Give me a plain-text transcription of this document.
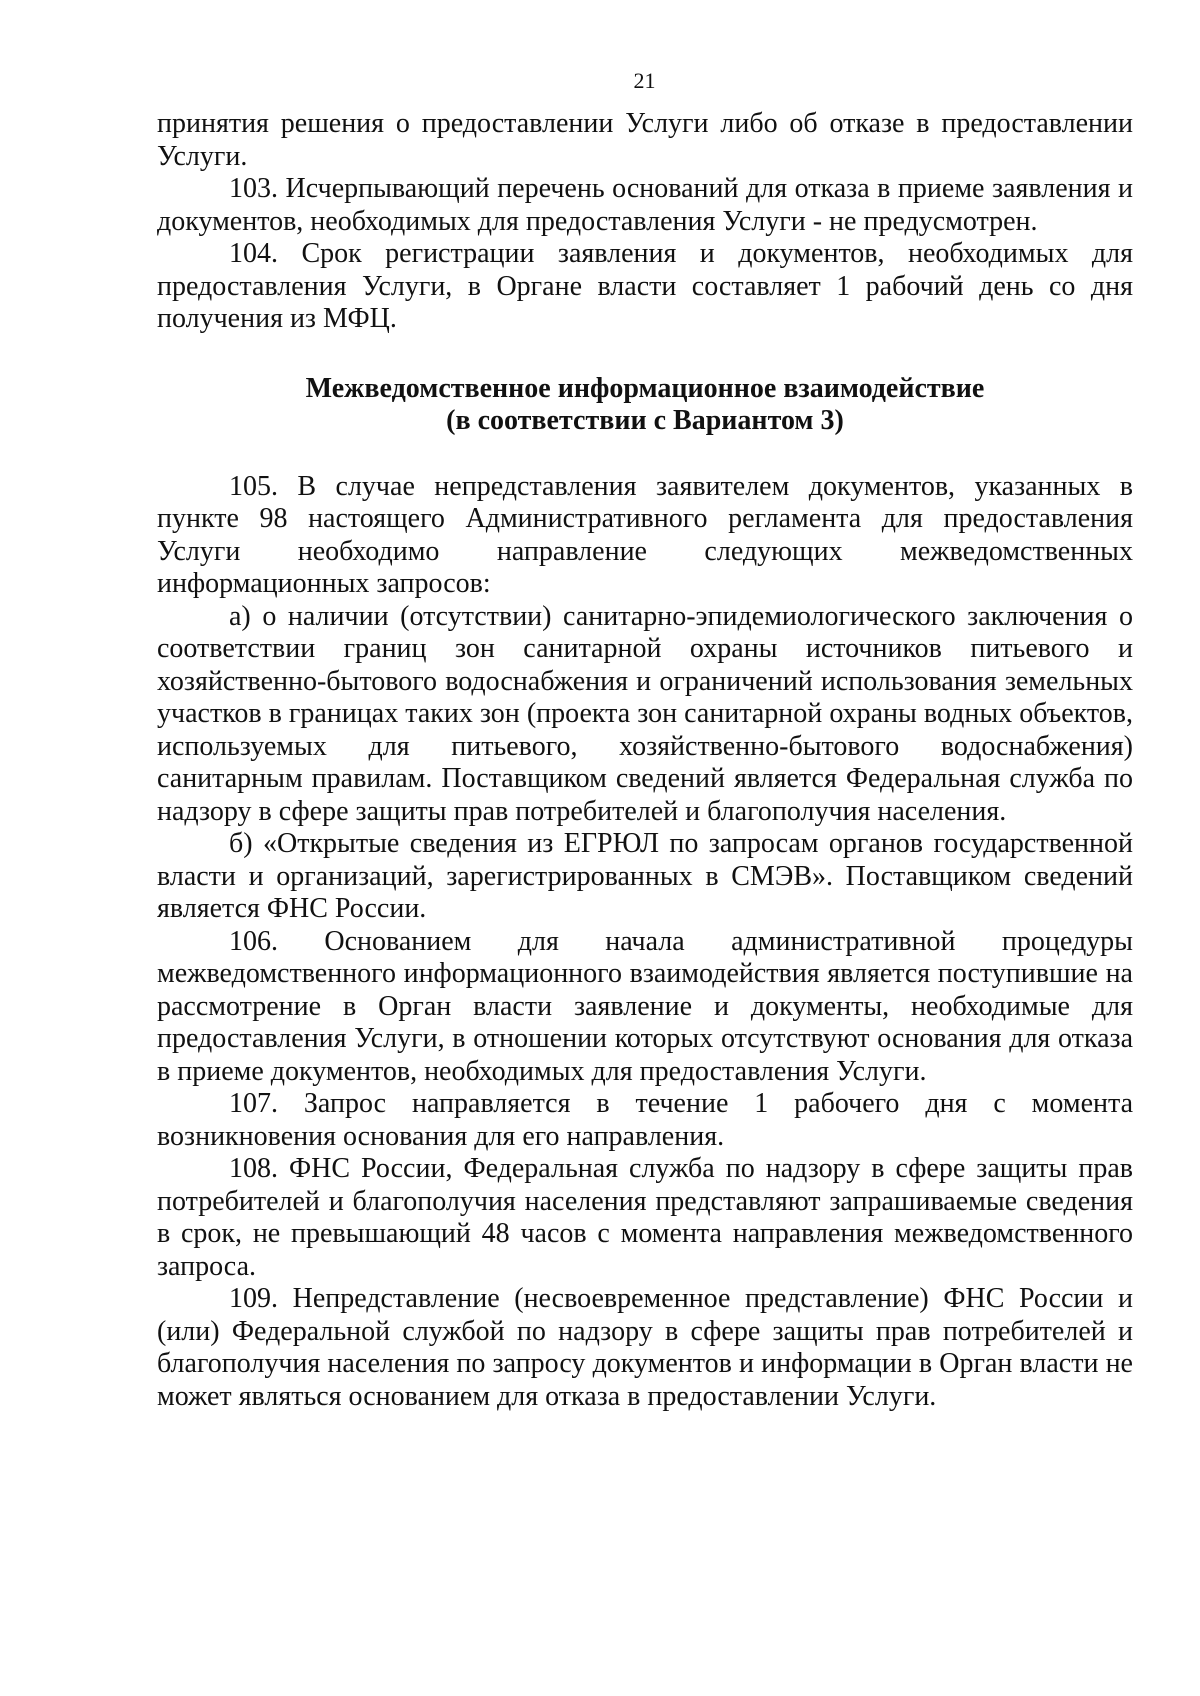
21

принятия решения о предоставлении Услуги либо об отказе в предоставлении Услуги.

103. Исчерпывающий перечень оснований для отказа в приеме заявления и документов, необходимых для предоставления Услуги - не предусмотрен.

104. Срок регистрации заявления и документов, необходимых для предоставления Услуги, в Органе власти составляет 1 рабочий день со дня получения из МФЦ.

Межведомственное информационное взаимодействие
(в соответствии с Вариантом 3)

105. В случае непредставления заявителем документов, указанных в пункте 98 настоящего Административного регламента для предоставления Услуги необходимо направление следующих межведомственных информационных запросов:

а) о наличии (отсутствии) санитарно-эпидемиологического заключения о соответствии границ зон санитарной охраны источников питьевого и хозяйственно-бытового водоснабжения и ограничений использования земельных участков в границах таких зон (проекта зон санитарной охраны водных объектов, используемых для питьевого, хозяйственно-бытового водоснабжения) санитарным правилам. Поставщиком сведений является Федеральная служба по надзору в сфере защиты прав потребителей и благополучия населения.

б) «Открытые сведения из ЕГРЮЛ по запросам органов государственной власти и организаций, зарегистрированных в СМЭВ». Поставщиком сведений является ФНС России.

106. Основанием для начала административной процедуры межведомственного информационного взаимодействия является поступившие на рассмотрение в Орган власти заявление и документы, необходимые для предоставления Услуги, в отношении которых отсутствуют основания для отказа в приеме документов, необходимых для предоставления Услуги.

107. Запрос направляется в течение 1 рабочего дня с момента возникновения основания для его направления.

108. ФНС России, Федеральная служба по надзору в сфере защиты прав потребителей и благополучия населения представляют запрашиваемые сведения в срок, не превышающий 48 часов с момента направления межведомственного запроса.

109. Непредставление (несвоевременное представление) ФНС России и (или) Федеральной службой по надзору в сфере защиты прав потребителей и благополучия населения по запросу документов и информации в Орган власти не может являться основанием для отказа в предоставлении Услуги.
